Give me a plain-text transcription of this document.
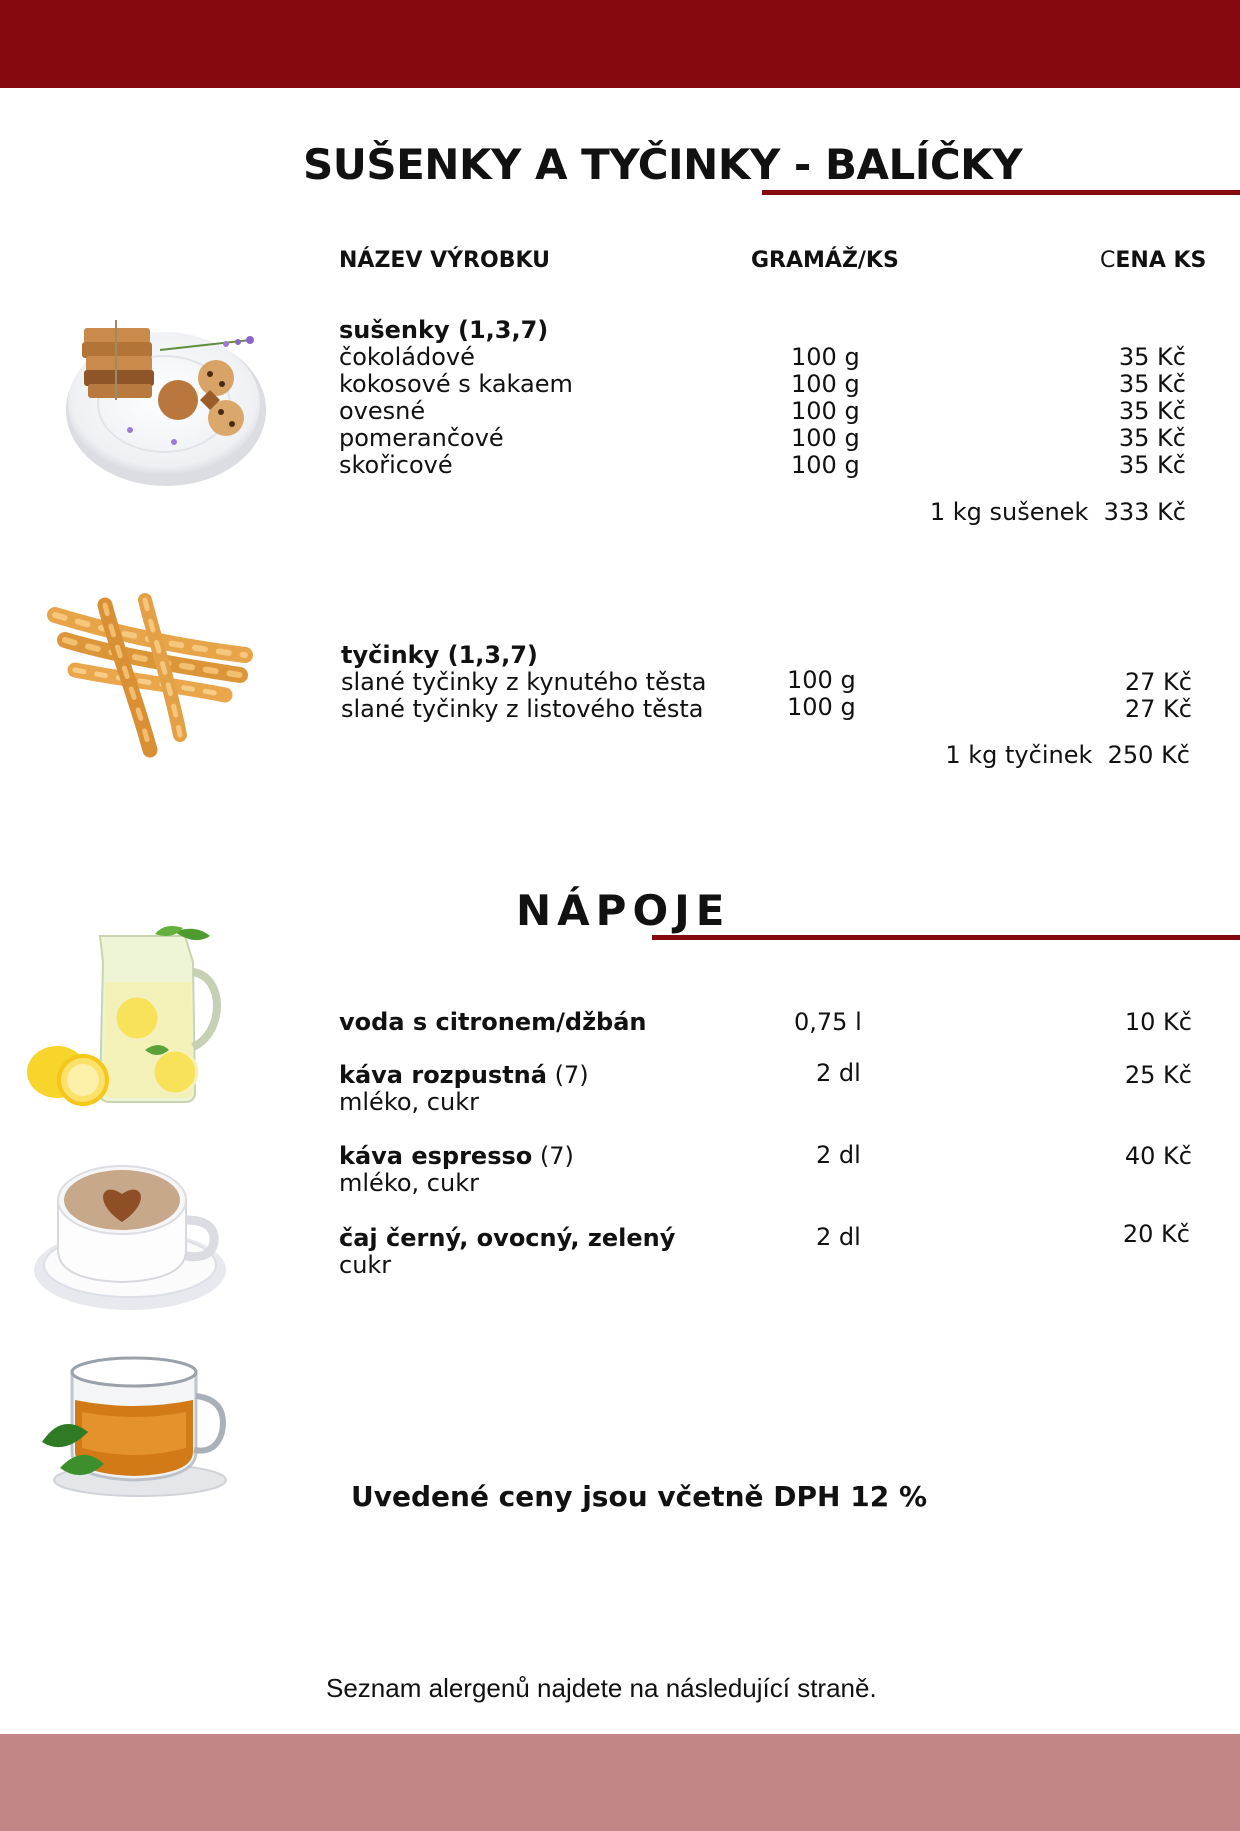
SUŠENKY A TYČINKY - BALÍČKY
NÁZEV VÝROBKU	GRAMÁŽ/KS	CENA KS
sušenky (1,3,7)
čokoládové	100 g	35 Kč
kokosové s kakaem	100 g	35 Kč
ovesné	100 g	35 Kč
pomerančové	100 g	35 Kč
skořicové	100 g	35 Kč
1 kg sušenek 333 Kč
tyčinky (1,3,7)
slané tyčinky z kynutého těsta	100 g	27 Kč
slané tyčinky z listového těsta	100 g	27 Kč
1 kg tyčinek 250 Kč
NÁPOJE
voda s citronem/džbán	0,75 l	10 Kč
káva rozpustná (7)
mléko, cukr
2 dl	25 Kč
káva espresso (7)
mléko, cukr
2 dl	40 Kč
čaj černý, ovocný, zelený
cukr
2 dl	20 Kč
Uvedené ceny jsou včetně DPH 12 %
Seznam alergenů najdete na následující straně.
